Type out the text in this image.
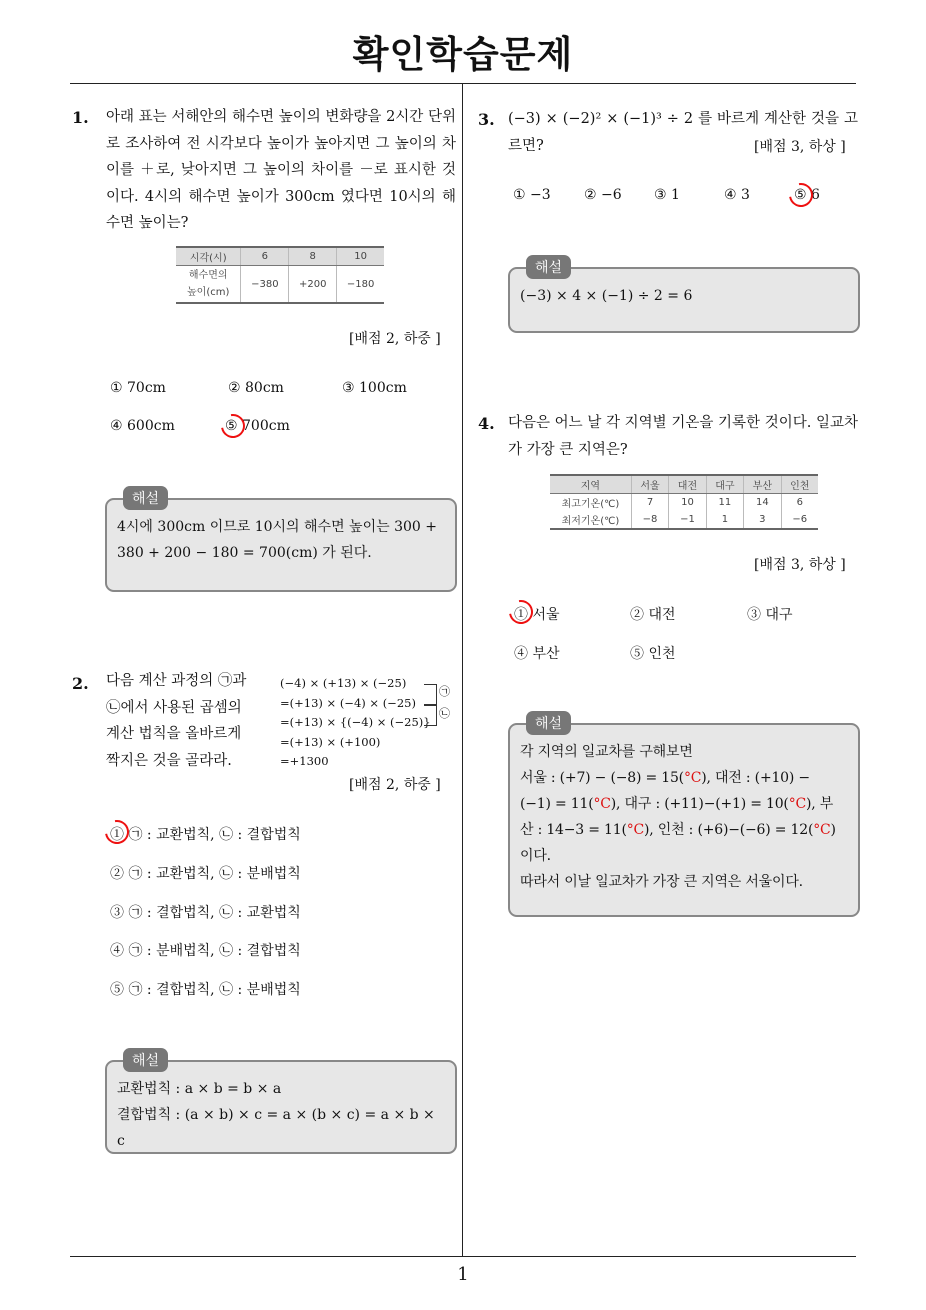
확인학습문제
1
1. 아래 표는 서해안의 해수면 높이의 변화량을 2시간 단위로 조사하여 전 시각보다 높이가 높아지면 그 높이의 차이를 ＋로, 낮아지면 그 높이의 차이를 －로 표시한 것이다. 4시의 해수면 높이가 300cm 였다면 10시의 해수면 높이는?
시각(시)	6	8	10
해수면의
높이(cm)	−380	+200	−180
[배점 2, 하중 ]
① 70cm	② 80cm	③ 100cm
④ 600cm	⑤ 700cm
해설
4시에 300cm 이므로 10시의 해수면 높이는 300 +
380 + 200 − 180 = 700(cm) 가 된다.
2. 다음 계산 과정의 ㉠과
㉡에서 사용된 곱셈의
계산 법칙을 올바르게
짝지은 것을 골라라.
(−4) × (+13) × (−25)
=(+13) × (−4) × (−25)
=(+13) × {(−4) × (−25)}
=(+13) × (+100)
=+1300
㉠
㉡
[배점 2, 하중 ]
① ㉠ : 교환법칙, ㉡ : 결합법칙
② ㉠ : 교환법칙, ㉡ : 분배법칙
③ ㉠ : 결합법칙, ㉡ : 교환법칙
④ ㉠ : 분배법칙, ㉡ : 결합법칙
⑤ ㉠ : 결합법칙, ㉡ : 분배법칙
해설
교환법칙 : a × b = b × a
결합법칙 : (a × b) × c = a × (b × c) = a × b × c
3. (−3) × (−2)² × (−1)³ ÷ 2 를 바르게 계산한 것을 고르면?	[배점 3, 하상 ]
① −3 ② −6 ③ 1	④ 3	⑤ 6
해설
(−3) × 4 × (−1) ÷ 2 = 6
4. 다음은 어느 날 각 지역별 기온을 기록한 것이다. 일교차가 가장 큰 지역은?
지역	서울	대전	대구	부산	인천
최고기온(℃)	7	10	11	14	6
최저기온(℃)	−8	−1	1	3	−6
[배점 3, 하상 ]
① 서울	② 대전	③ 대구
④ 부산	⑤ 인천
해설
각 지역의 일교차를 구해보면
서울 : (+7) − (−8) = 15(°C), 대전 : (+10) −
(−1) = 11(°C), 대구 : (+11)−(+1) = 10(°C), 부
산 : 14−3 = 11(°C), 인천 : (+6)−(−6) = 12(°C)
이다.
따라서 이날 일교차가 가장 큰 지역은 서울이다.
